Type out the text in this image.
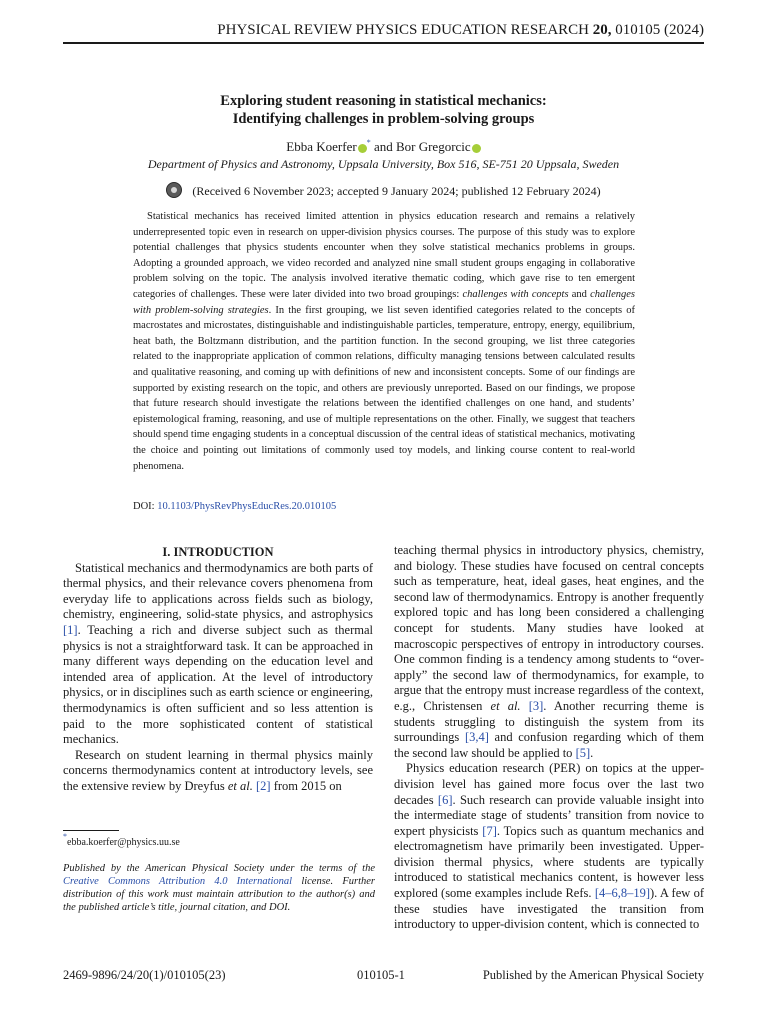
PHYSICAL REVIEW PHYSICS EDUCATION RESEARCH 20, 010105 (2024)
Exploring student reasoning in statistical mechanics:
Identifying challenges in problem-solving groups
Ebba Koerfer * and Bor Gregorcic
Department of Physics and Astronomy, Uppsala University, Box 516, SE-751 20 Uppsala, Sweden
(Received 6 November 2023; accepted 9 January 2024; published 12 February 2024)
Statistical mechanics has received limited attention in physics education research and remains a relatively underrepresented topic even in research on upper-division physics courses. The purpose of this study was to explore potential challenges that physics students encounter when they solve statistical mechanics problems in groups. Adopting a grounded approach, we video recorded and analyzed nine small student groups engaging in collaborative problem solving on the topic. The analysis involved iterative thematic coding, which gave rise to ten emergent categories of challenges. These were later divided into two broad groupings: challenges with concepts and challenges with problem-solving strategies. In the first grouping, we list seven identified categories related to the concepts of macrostates and microstates, distinguishable and indistinguishable particles, temperature, entropy, energy, equilibrium, heat bath, the Boltzmann distribution, and the partition function. In the second grouping, we list three categories related to the inappropriate application of common relations, difficulty managing tensions between calculated results and qualitative reasoning, and coming up with definitions of new and inconsistent concepts. Some of our findings are supported by existing research on the topic, and others are previously unreported. Based on our findings, we propose that future research should investigate the relations between the identified challenges on one hand, and students’ epistemological framing, reasoning, and use of multiple representations on the other. Finally, we suggest that teachers should spend time engaging students in a conceptual discussion of the central ideas of statistical mechanics, motivating the choice and pointing out limitations of commonly used toy models, and linking course content to real-world phenomena.
DOI: 10.1103/PhysRevPhysEducRes.20.010105

I. INTRODUCTION

Statistical mechanics and thermodynamics are both parts of thermal physics, and their relevance covers phenomena from everyday life to applications across fields such as biology, chemistry, engineering, solid-state physics, and astrophysics [1]. Teaching a rich and diverse subject such as thermal physics is not a straightforward task. It can be approached in many different ways depending on the education level and intended area of application. At the level of introductory physics, or in disciplines such as earth science or engineering, thermodynamics is often sufficient and so less attention is paid to the more sophisticated content of statistical mechanics.

Research on student learning in thermal physics mainly concerns thermodynamics content at introductory levels, see the extensive review by Dreyfus et al. [2] from 2015 on

*ebba.koerfer@physics.uu.se
Published by the American Physical Society under the terms of the Creative Commons Attribution 4.0 International license. Further distribution of this work must maintain attribution to the author(s) and the published article’s title, journal citation, and DOI.

teaching thermal physics in introductory physics, chemistry, and biology. These studies have focused on central concepts such as temperature, heat, ideal gases, heat engines, and the second law of thermodynamics. Entropy is another frequently explored topic and has long been considered a challenging concept for students. Many studies have looked at macroscopic perspectives of entropy in introductory courses. One common finding is a tendency among students to “over-apply” the second law of thermodynamics, for example, to argue that the entropy must increase regardless of the context, e.g., Christensen et al. [3]. Another recurring theme is students struggling to distinguish the system from its surroundings [3,4] and confusion regarding which of them the second law should be applied to [5].

Physics education research (PER) on topics at the upper-division level has gained more focus over the last two decades [6]. Such research can provide valuable insight into the intermediate stage of students’ transition from novice to expert physicists [7]. Topics such as quantum mechanics and electromagnetism have primarily been investigated. Upper-division thermal physics, where students are typically introduced to statistical mechanics content, is however less explored (some examples include Refs. [4–6,8–19]). A few of these studies have investigated the transition from introductory to upper-division content, which is connected to

2469-9896/24/20(1)/010105(23)	010105-1	Published by the American Physical Society
